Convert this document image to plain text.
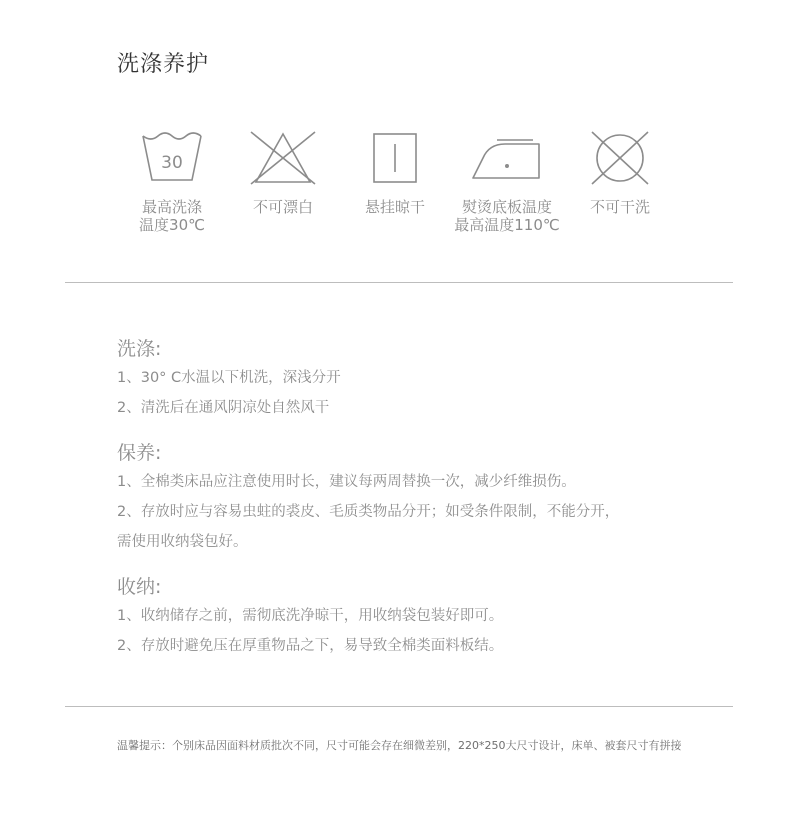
洗涤养护
30
最高洗涤
温度30℃
不可漂白	悬挂晾干	熨烫底板温度
最高温度110℃
不可干洗
洗涤:
1、30° C水温以下机洗，深浅分开
2、清洗后在通风阴凉处自然风干
保养:
1、全棉类床品应注意使用时长，建议每两周替换一次，减少纤维损伤。
2、存放时应与容易虫蛀的裘皮、毛质类物品分开；如受条件限制，不能分开，
需使用收纳袋包好。
收纳:
1、收纳储存之前，需彻底洗净晾干，用收纳袋包装好即可。
2、存放时避免压在厚重物品之下，易导致全棉类面料板结。
温馨提示：个别床品因面料材质批次不同，尺寸可能会存在细微差别，220*250大尺寸设计，床单、被套尺寸有拼接
